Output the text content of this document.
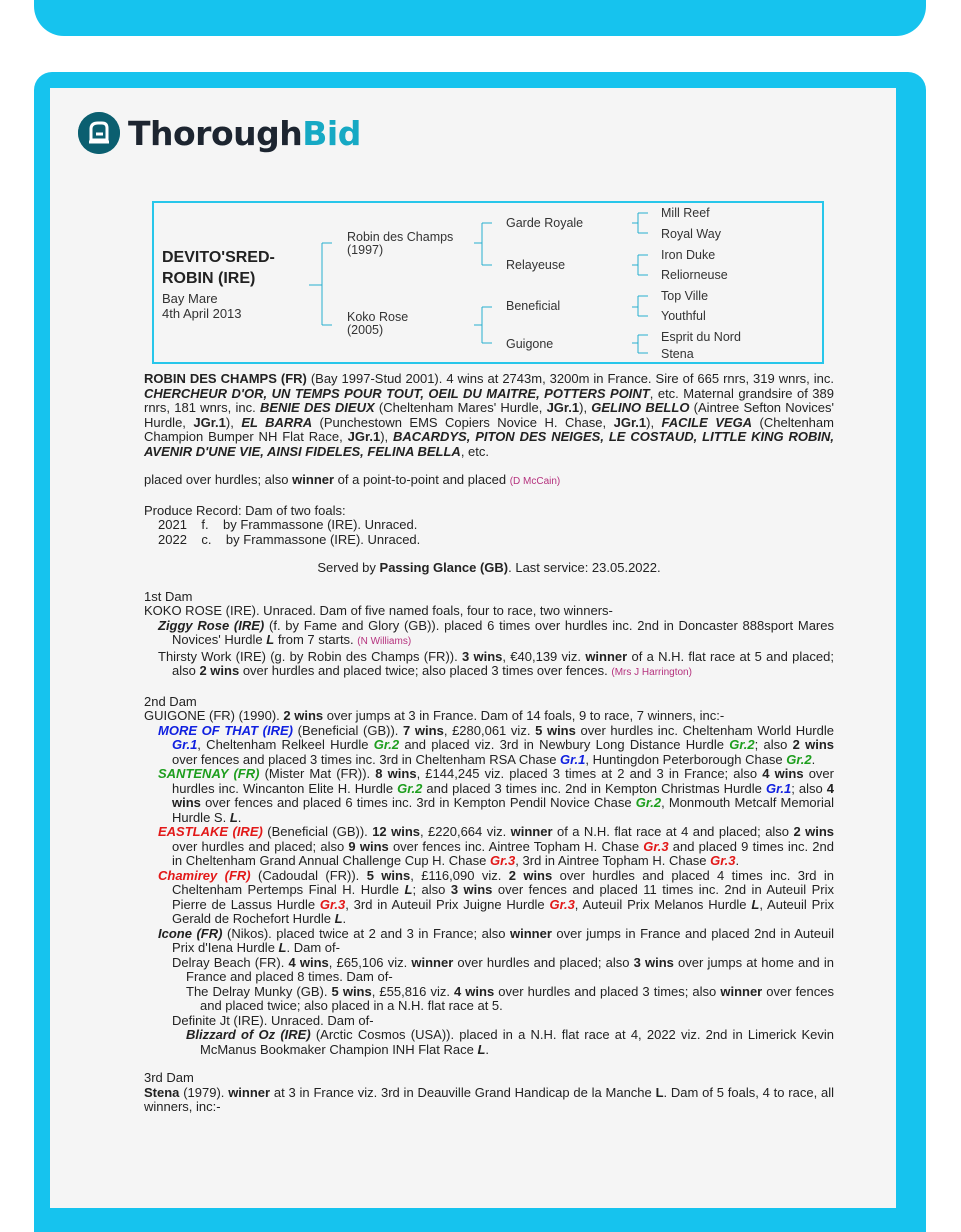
ThoroughBid
DEVITO'SRED-
ROBIN (IRE)
Bay Mare
4th April 2013
Robin des Champs
(1997)
Koko Rose
(2005)
Garde Royale
Relayeuse
Beneficial
Guigone
Mill Reef
Royal Way
Iron Duke
Reliorneuse
Top Ville
Youthful
Esprit du Nord
Stena

ROBIN DES CHAMPS (FR) (Bay 1997-Stud 2001). 4 wins at 2743m, 3200m in France. Sire of 665 rnrs, 319 wnrs, inc. CHERCHEUR D'OR, UN TEMPS POUR TOUT, OEIL DU MAITRE, POTTERS POINT, etc. Maternal grandsire of 389 rnrs, 181 wnrs, inc. BENIE DES DIEUX (Cheltenham Mares' Hurdle, JGr.1), GELINO BELLO (Aintree Sefton Novices' Hurdle, JGr.1), EL BARRA (Punchestown EMS Copiers Novice H. Chase, JGr.1), FACILE VEGA (Cheltenham Champion Bumper NH Flat Race, JGr.1), BACARDYS, PITON DES NEIGES, LE COSTAUD, LITTLE KING ROBIN, AVENIR D'UNE VIE, AINSI FIDELES, FELINA BELLA, etc.

placed over hurdles; also winner of a point-to-point and placed (D McCain)

Produce Record: Dam of two foals:

2021    f.    by Frammassone (IRE). Unraced.

2022    c.    by Frammassone (IRE). Unraced.

Served by Passing Glance (GB). Last service: 23.05.2022.

1st Dam

KOKO ROSE (IRE). Unraced. Dam of five named foals, four to race, two winners-

Ziggy Rose (IRE) (f. by Fame and Glory (GB)). placed 6 times over hurdles inc. 2nd in Doncaster 888sport Mares Novices' Hurdle L from 7 starts. (N Williams)

Thirsty Work (IRE) (g. by Robin des Champs (FR)). 3 wins, €40,139 viz. winner of a N.H. flat race at 5 and placed; also 2 wins over hurdles and placed twice; also placed 3 times over fences. (Mrs J Harrington)

2nd Dam

GUIGONE (FR) (1990). 2 wins over jumps at 3 in France. Dam of 14 foals, 9 to race, 7 winners, inc:-

MORE OF THAT (IRE) (Beneficial (GB)). 7 wins, £280,061 viz. 5 wins over hurdles inc. Cheltenham World Hurdle Gr.1, Cheltenham Relkeel Hurdle Gr.2 and placed viz. 3rd in Newbury Long Distance Hurdle Gr.2; also 2 wins over fences and placed 3 times inc. 3rd in Cheltenham RSA Chase Gr.1, Huntingdon Peterborough Chase Gr.2.

SANTENAY (FR) (Mister Mat (FR)). 8 wins, £144,245 viz. placed 3 times at 2 and 3 in France; also 4 wins over hurdles inc. Wincanton Elite H. Hurdle Gr.2 and placed 3 times inc. 2nd in Kempton Christmas Hurdle Gr.1; also 4 wins over fences and placed 6 times inc. 3rd in Kempton Pendil Novice Chase Gr.2, Monmouth Metcalf Memorial Hurdle S. L.

EASTLAKE (IRE) (Beneficial (GB)). 12 wins, £220,664 viz. winner of a N.H. flat race at 4 and placed; also 2 wins over hurdles and placed; also 9 wins over fences inc. Aintree Topham H. Chase Gr.3 and placed 9 times inc. 2nd in Cheltenham Grand Annual Challenge Cup H. Chase Gr.3, 3rd in Aintree Topham H. Chase Gr.3.

Chamirey (FR) (Cadoudal (FR)). 5 wins, £116,090 viz. 2 wins over hurdles and placed 4 times inc. 3rd in Cheltenham Pertemps Final H. Hurdle L; also 3 wins over fences and placed 11 times inc. 2nd in Auteuil Prix Pierre de Lassus Hurdle Gr.3, 3rd in Auteuil Prix Juigne Hurdle Gr.3, Auteuil Prix Melanos Hurdle L, Auteuil Prix Gerald de Rochefort Hurdle L.

Icone (FR) (Nikos). placed twice at 2 and 3 in France; also winner over jumps in France and placed 2nd in Auteuil Prix d'Iena Hurdle L. Dam of-

Delray Beach (FR). 4 wins, £65,106 viz. winner over hurdles and placed; also 3 wins over jumps at home and in France and placed 8 times. Dam of-

The Delray Munky (GB). 5 wins, £55,816 viz. 4 wins over hurdles and placed 3 times; also winner over fences and placed twice; also placed in a N.H. flat race at 5.

Definite Jt (IRE). Unraced. Dam of-

Blizzard of Oz (IRE) (Arctic Cosmos (USA)). placed in a N.H. flat race at 4, 2022 viz. 2nd in Limerick Kevin McManus Bookmaker Champion INH Flat Race L.

3rd Dam

Stena (1979). winner at 3 in France viz. 3rd in Deauville Grand Handicap de la Manche L. Dam of 5 foals, 4 to race, all winners, inc:-
